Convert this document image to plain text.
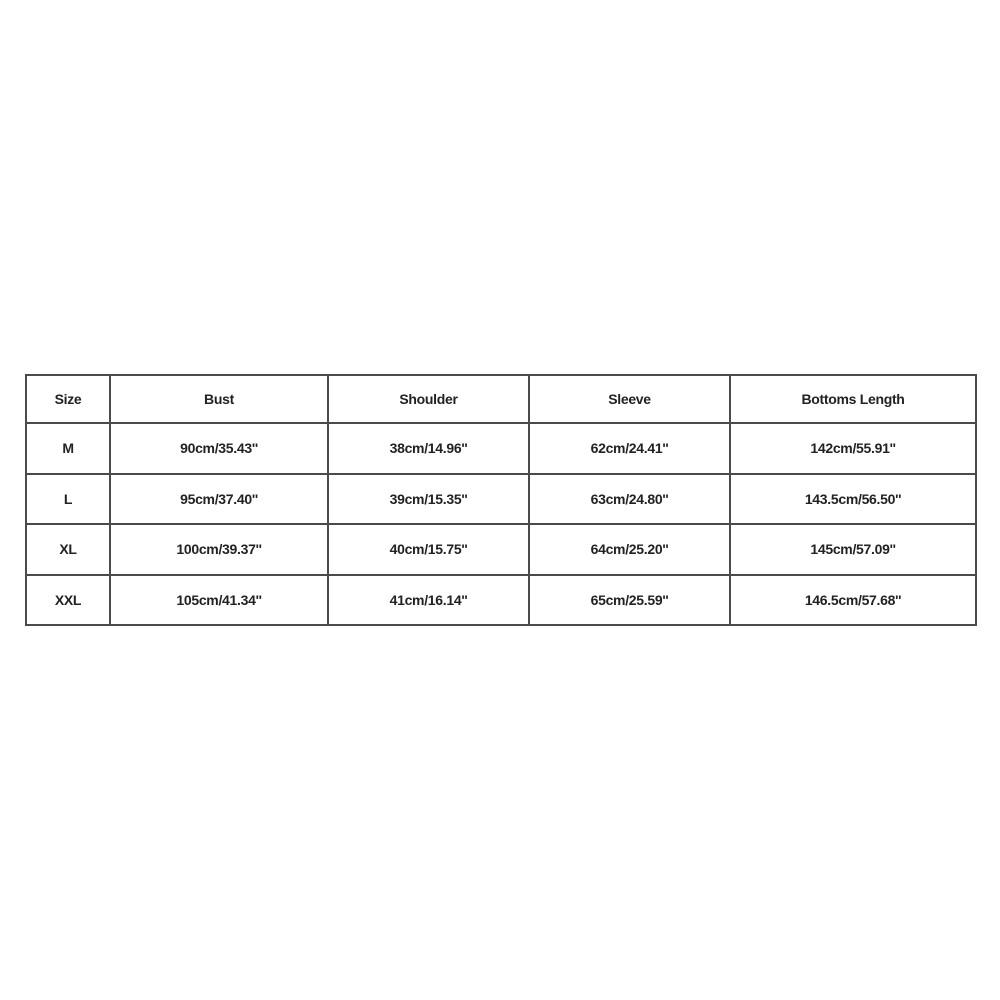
Size	Bust	Shoulder	Sleeve	Bottoms Length
M	90cm/35.43''	38cm/14.96''	62cm/24.41''	142cm/55.91''
L	95cm/37.40''	39cm/15.35''	63cm/24.80''	143.5cm/56.50''
XL	100cm/39.37''	40cm/15.75''	64cm/25.20''	145cm/57.09''
XXL	105cm/41.34''	41cm/16.14''	65cm/25.59''	146.5cm/57.68''
